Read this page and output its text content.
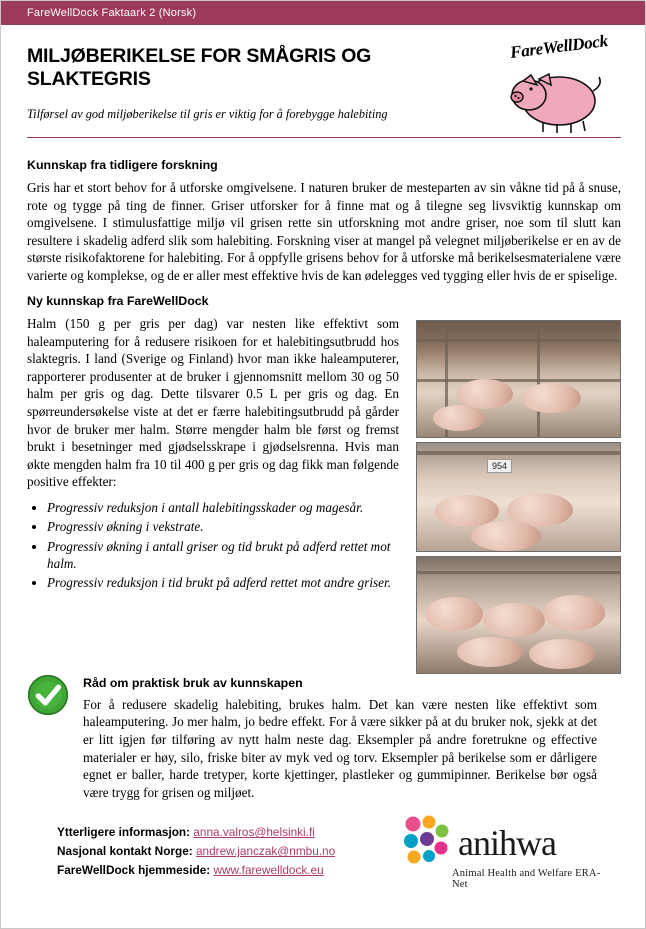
FareWellDock Faktaark 2 (Norsk)
MILJØBERIKELSE FOR SMÅGRIS OG SLAKTEGRIS
Tilførsel av god miljøberikelse til gris er viktig for å forebygge halebiting
FareWellDock
Kunnskap fra tidligere forskning

Gris har et stort behov for å utforske omgivelsene. I naturen bruker de mesteparten av sin våkne tid på å snuse, rote og tygge på ting de finner. Griser utforsker for å finne mat og å tilegne seg livsviktig kunnskap om omgivelsene. I stimulusfattige miljø vil grisen rette sin utforskning mot andre griser, noe som til slutt kan resultere i skadelig adferd slik som halebiting. Forskning viser at mangel på velegnet miljøberikelse er en av de største risikofaktorene for halebiting. For å oppfylle grisens behov for å utforske må berikelsesmaterialene være varierte og komplekse, og de er aller mest effektive hvis de kan ødelegges ved tygging eller hvis de er spiselige.

954
Ny kunnskap fra FareWellDock

Halm (150 g per gris per dag) var nesten like effektivt som haleamputering for å redusere risikoen for et halebitingsutbrudd hos slaktegris. I land (Sverige og Finland) hvor man ikke haleamputerer, rapporterer produsenter at de bruker i gjennomsnitt mellom 30 og 50 halm per gris og dag. Dette tilsvarer 0.5 L per gris og dag. En spørreundersøkelse viste at det er færre halebitingsutbrudd på gårder hvor de bruker mer halm. Større mengder halm ble først og fremst brukt i besetninger med gjødselsskrape i gjødselsrenna. Hvis man økte mengden halm fra 10 til 400 g per gris og dag fikk man følgende positive effekter:

• Progressiv reduksjon i antall halebitingsskader og magesår.
• Progressiv økning i vekstrate.
• Progressiv økning i antall griser og tid brukt på adferd rettet mot halm.
• Progressiv reduksjon i tid brukt på adferd rettet mot andre griser.
Råd om praktisk bruk av kunnskapen

For å redusere skadelig halebiting, brukes halm. Det kan være nesten like effektivt som haleamputering. Jo mer halm, jo bedre effekt. For å være sikker på at du bruker nok, sjekk at det er litt igjen før tilføring av nytt halm neste dag. Eksempler på andre foretrukne og effective materialer er høy, silo, friske biter av myk ved og torv. Eksempler på berikelse som er dårligere egnet er baller, harde tretyper, korte kjettinger, plastleker og gummipinner. Berikelse bør også være trygg for grisen og miljøet.

Ytterligere informasjon: anna.valros@helsinki.fi
Nasjonal kontakt Norge: andrew.janczak@nmbu.no
FareWellDock hjemmeside: www.farewelldock.eu
anihwa
Animal Health and Welfare ERA-Net
